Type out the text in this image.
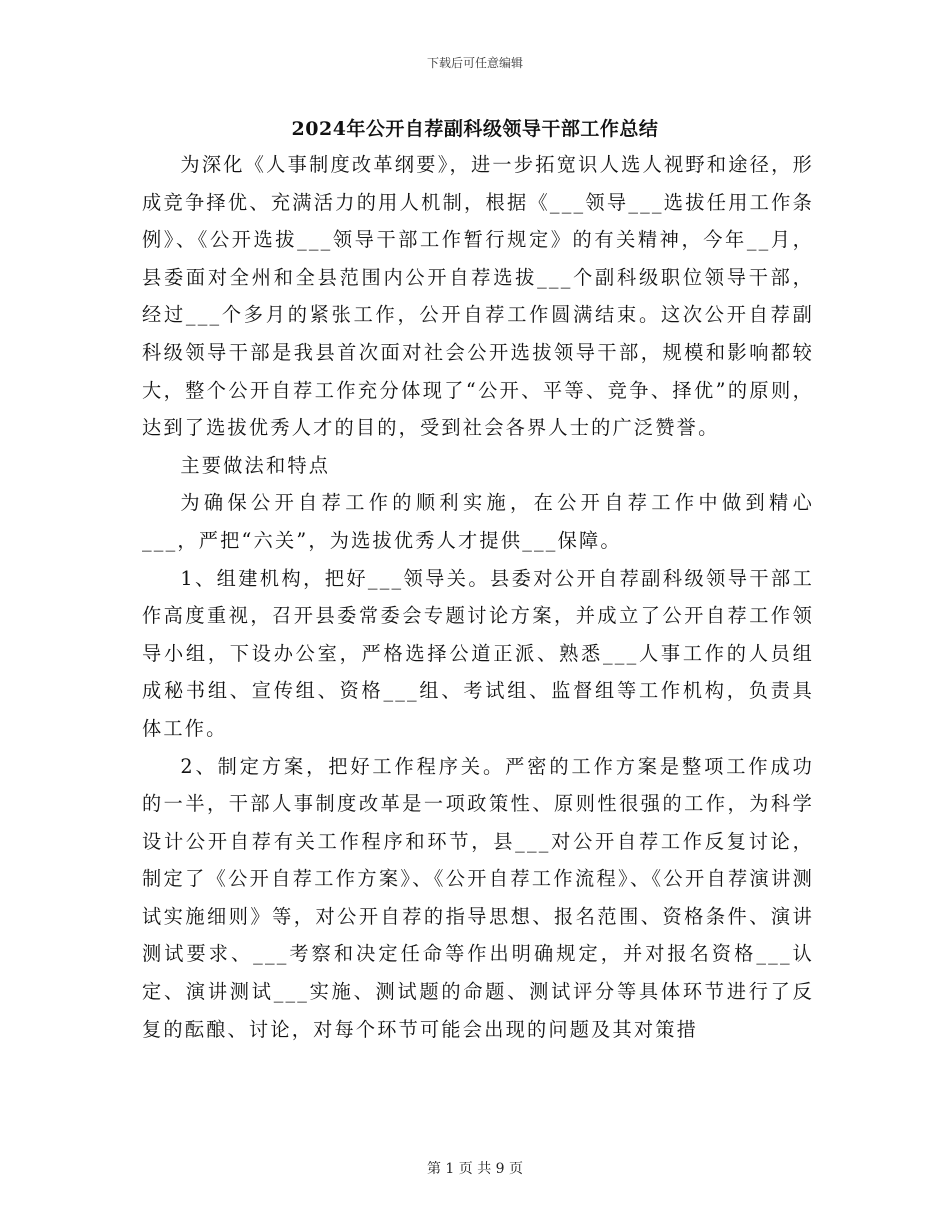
下载后可任意编辑
2024年公开自荐副科级领导干部工作总结

为深化《人事制度改革纲要》，进一步拓宽识人选人视野和途径，形成竞争择优、充满活力的用人机制，根据《___领导___选拔任用工作条例》、《公开选拔___领导干部工作暂行规定》的有关精神，今年__月，县委面对全州和全县范围内公开自荐选拔___个副科级职位领导干部，经过___个多月的紧张工作，公开自荐工作圆满结束。这次公开自荐副科级领导干部是我县首次面对社会公开选拔领导干部，规模和影响都较大，整个公开自荐工作充分体现了“公开、平等、竞争、择优”的原则，达到了选拔优秀人才的目的，受到社会各界人士的广泛赞誉。

主要做法和特点

为确保公开自荐工作的顺利实施，在公开自荐工作中做到精心___，严把“六关”，为选拔优秀人才提供___保障。

1、组建机构，把好___领导关。县委对公开自荐副科级领导干部工作高度重视，召开县委常委会专题讨论方案，并成立了公开自荐工作领导小组，下设办公室，严格选择公道正派、熟悉___人事工作的人员组成秘书组、宣传组、资格___组、考试组、监督组等工作机构，负责具体工作。

2、制定方案，把好工作程序关。严密的工作方案是整项工作成功的一半，干部人事制度改革是一项政策性、原则性很强的工作，为科学设计公开自荐有关工作程序和环节，县___对公开自荐工作反复讨论，制定了《公开自荐工作方案》、《公开自荐工作流程》、《公开自荐演讲测试实施细则》等，对公开自荐的指导思想、报名范围、资格条件、演讲测试要求、___考察和决定任命等作出明确规定，并对报名资格___认定、演讲测试___实施、测试题的命题、测试评分等具体环节进行了反复的酝酿、讨论，对每个环节可能会出现的问题及其对策措

第 1 页 共 9 页
